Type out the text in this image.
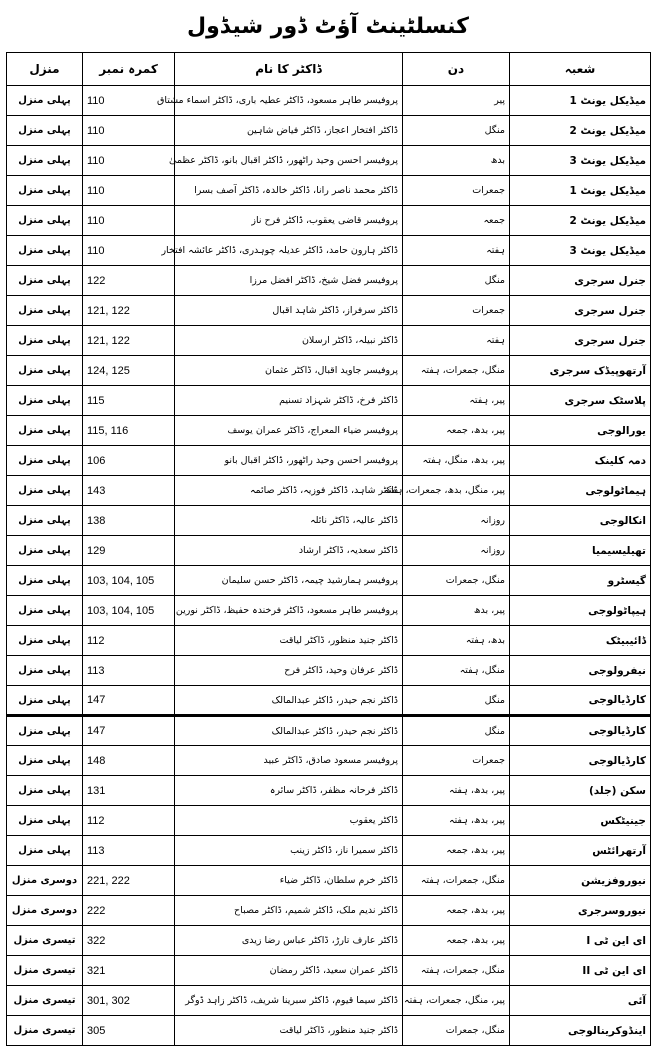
کنسلٹینٹ آؤٹ ڈور شیڈول
شعبہ	دن	ڈاکٹر کا نام	کمرہ نمبر	منزل
میڈیکل یونٹ 1	پیر	پروفیسر طاہر مسعود، ڈاکٹر عطیہ باری، ڈاکٹر اسماء مشتاق	110	پہلی منزل
میڈیکل یونٹ 2	منگل	ڈاکٹر افتخار اعجاز، ڈاکٹر فیاض شاہین	110	پہلی منزل
میڈیکل یونٹ 3	بدھ	پروفیسر احسن وحید راٹھور، ڈاکٹر اقبال بانو، ڈاکٹر عظمیٰ	110	پہلی منزل
میڈیکل یونٹ 1	جمعرات	ڈاکٹر محمد ناصر رانا، ڈاکٹر خالدہ، ڈاکٹر آصف بسرا	110	پہلی منزل
میڈیکل یونٹ 2	جمعہ	پروفیسر قاضی یعقوب، ڈاکٹر فرح ناز	110	پہلی منزل
میڈیکل یونٹ 3	ہفتہ	ڈاکٹر ہارون حامد، ڈاکٹر عدیلہ چوہدری، ڈاکٹر عائشہ افتخار	110	پہلی منزل
جنرل سرجری	منگل	پروفیسر فضل شیخ، ڈاکٹر افضل مرزا	122	پہلی منزل
جنرل سرجری	جمعرات	ڈاکٹر سرفراز، ڈاکٹر شاہد اقبال	121, 122	پہلی منزل
جنرل سرجری	ہفتہ	ڈاکٹر نبیلہ، ڈاکٹر ارسلان	121, 122	پہلی منزل
آرتھوپیڈک سرجری	منگل، جمعرات، ہفتہ	پروفیسر جاوید اقبال، ڈاکٹر عثمان	124, 125	پہلی منزل
پلاسٹک سرجری	پیر، ہفتہ	ڈاکٹر فرخ، ڈاکٹر شہزاد تسنیم	115	پہلی منزل
یورالوجی	پیر، بدھ، جمعہ	پروفیسر ضیاء المعراج، ڈاکٹر عمران یوسف	115, 116	پہلی منزل
دمہ کلینک	پیر، بدھ، منگل، ہفتہ	پروفیسر احسن وحید راٹھور، ڈاکٹر اقبال بانو	106	پہلی منزل
ہیماٹولوجی	پیر، منگل، بدھ، جمعرات، ہفتہ	ڈاکٹر شاہد، ڈاکٹر فوزیہ، ڈاکٹر صائمہ	143	پہلی منزل
انکالوجی	روزانہ	ڈاکٹر عالیہ، ڈاکٹر نائلہ	138	پہلی منزل
تھیلیسیمیا	روزانہ	ڈاکٹر سعدیہ، ڈاکٹر ارشاد	129	پہلی منزل
گیسٹرو	منگل، جمعرات	پروفیسر ہمارشید چیمہ، ڈاکٹر حسن سلیمان	103, 104, 105	پہلی منزل
ہیپاٹولوجی	پیر، بدھ	پروفیسر طاہر مسعود، ڈاکٹر فرخندہ حفیظ، ڈاکٹر نورین	103, 104, 105	پہلی منزل
ڈائیبیٹک	بدھ، ہفتہ	ڈاکٹر جنید منظور، ڈاکٹر لیاقت	112	پہلی منزل
نیفرولوجی	منگل، ہفتہ	ڈاکٹر عرفان وحید، ڈاکٹر فرح	113	پہلی منزل
کارڈیالوجی	منگل	ڈاکٹر نجم حیدر، ڈاکٹر عبدالمالک	147	پہلی منزل
کارڈیالوجی	منگل	ڈاکٹر نجم حیدر، ڈاکٹر عبدالمالک	147	پہلی منزل
کارڈیالوجی	جمعرات	پروفیسر مسعود صادق، ڈاکٹر عبید	148	پہلی منزل
سکن (جلد)	پیر، بدھ، ہفتہ	ڈاکٹر فرحانہ مظفر، ڈاکٹر سائرہ	131	پہلی منزل
جینیٹکس	پیر، بدھ، ہفتہ	ڈاکٹر یعقوب	112	پہلی منزل
آرتھرائٹس	پیر، بدھ، جمعہ	ڈاکٹر سمیرا ناز، ڈاکٹر زینب	113	پہلی منزل
نیوروفزیشن	منگل، جمعرات، ہفتہ	ڈاکٹر خرم سلطان، ڈاکٹر ضیاء	221, 222	دوسری منزل
نیوروسرجری	پیر، بدھ، جمعہ	ڈاکٹر ندیم ملک، ڈاکٹر شمیم، ڈاکٹر مصباح	222	دوسری منزل
ای این ٹی I	پیر، بدھ، جمعہ	ڈاکٹر عارف تارڑ، ڈاکٹر عباس رضا زیدی	322	تیسری منزل
ای این ٹی II	منگل، جمعرات، ہفتہ	ڈاکٹر عمران سعید، ڈاکٹر رمضان	321	تیسری منزل
آئی	پیر، منگل، جمعرات، ہفتہ	ڈاکٹر سیما قیوم، ڈاکٹر سبرینا شریف، ڈاکٹر زاہد ڈوگر	301, 302	تیسری منزل
اینڈوکرینالوجی	منگل، جمعرات	ڈاکٹر جنید منظور، ڈاکٹر لیاقت	305	تیسری منزل
